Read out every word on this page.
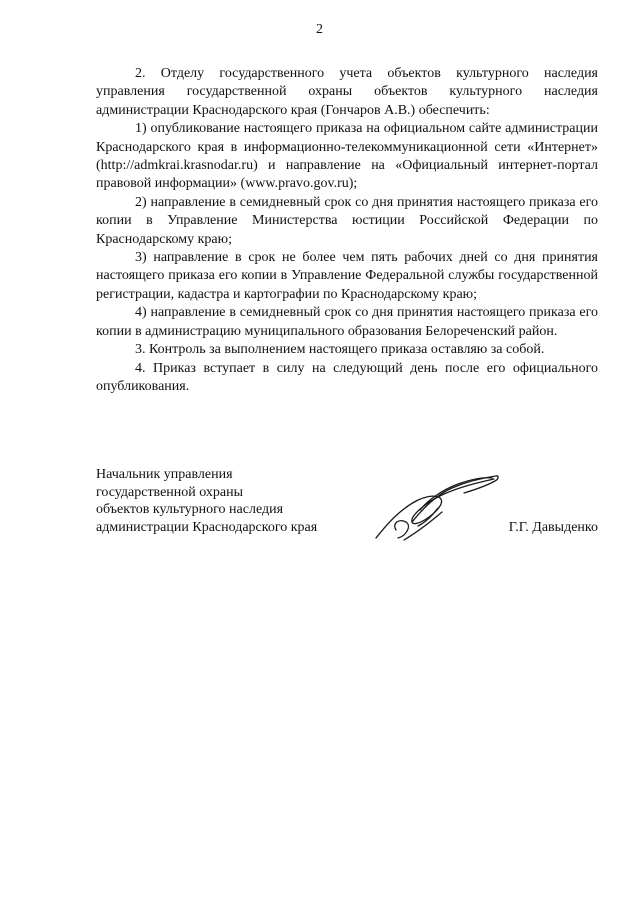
2

2. Отделу государственного учета объектов культурного наследия управления государственной охраны объектов культурного наследия администрации Краснодарского края (Гончаров А.В.) обеспечить:

1) опубликование настоящего приказа на официальном сайте администрации Краснодарского края в информационно-телекоммуникационной сети «Интернет» (http://admkrai.krasnodar.ru) и направление на «Официальный интернет-портал правовой информации» (www.pravo.gov.ru);

2) направление в семидневный срок со дня принятия настоящего приказа его копии в Управление Министерства юстиции Российской Федерации по Краснодарскому краю;

3) направление в срок не более чем пять рабочих дней со дня принятия настоящего приказа его копии в Управление Федеральной службы государственной регистрации, кадастра и картографии по Краснодарскому краю;

4) направление в семидневный срок со дня принятия настоящего приказа его копии в администрацию муниципального образования Белореченский район.

3. Контроль за выполнением настоящего приказа оставляю за собой.

4. Приказ вступает в силу на следующий день после его официального опубликования.

Начальник управления
государственной охраны
объектов культурного наследия
администрации Краснодарского края	Г.Г. Давыденко
